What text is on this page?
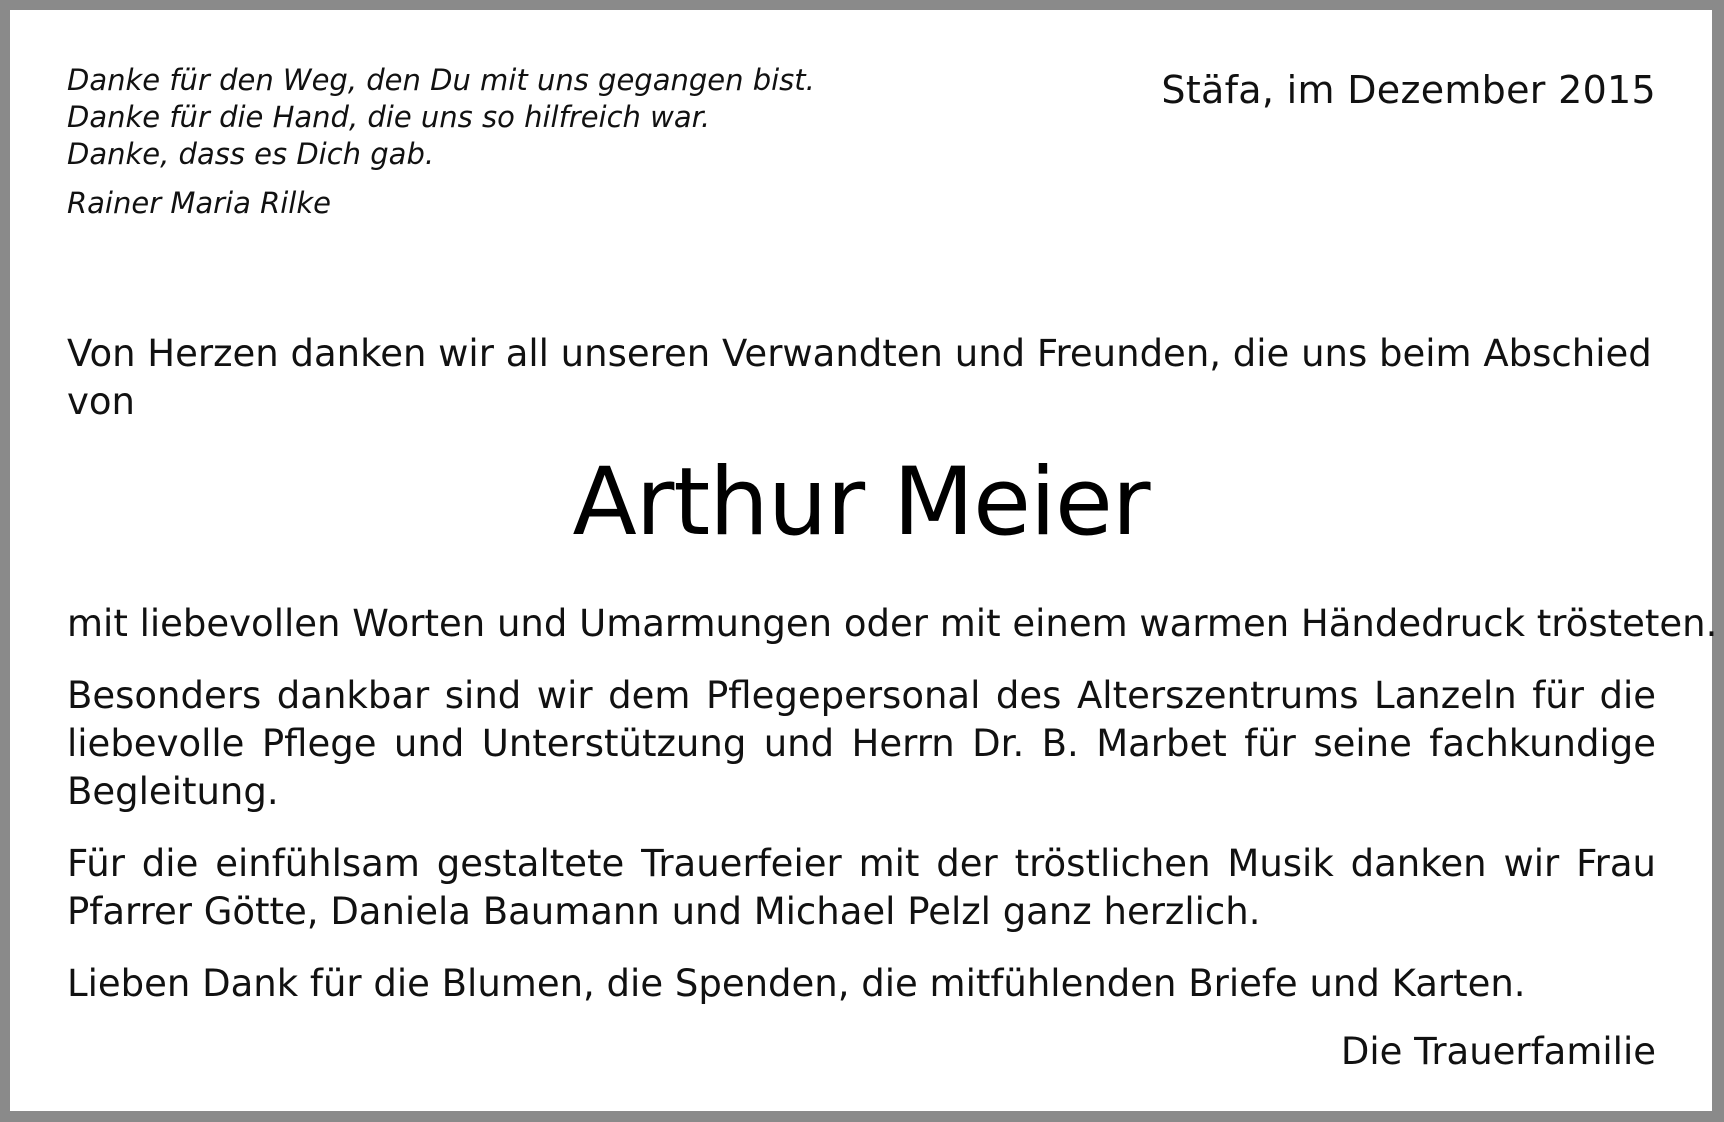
Danke für den Weg, den Du mit uns gegangen bist.
Danke für die Hand, die uns so hilfreich war.
Danke, dass es Dich gab.
Rainer Maria Rilke
Stäfa, im Dezember 2015
Von Herzen danken wir all unseren Verwandten und Freunden, die uns beim Abschied von
Arthur Meier
mit liebevollen Worten und Umarmungen oder mit einem warmen Händedruck trösteten.
Besonders dankbar sind wir dem Pflegepersonal des Alterszentrums Lanzeln für die liebevolle Pflege und Unterstützung und Herrn Dr. B. Marbet für seine fachkundige Begleitung.
Für die einfühlsam gestaltete Trauerfeier mit der tröstlichen Musik danken wir Frau Pfarrer Götte, Daniela Baumann und Michael Pelzl ganz herzlich.
Lieben Dank für die Blumen, die Spenden, die mitfühlenden Briefe und Karten.
Die Trauerfamilie
